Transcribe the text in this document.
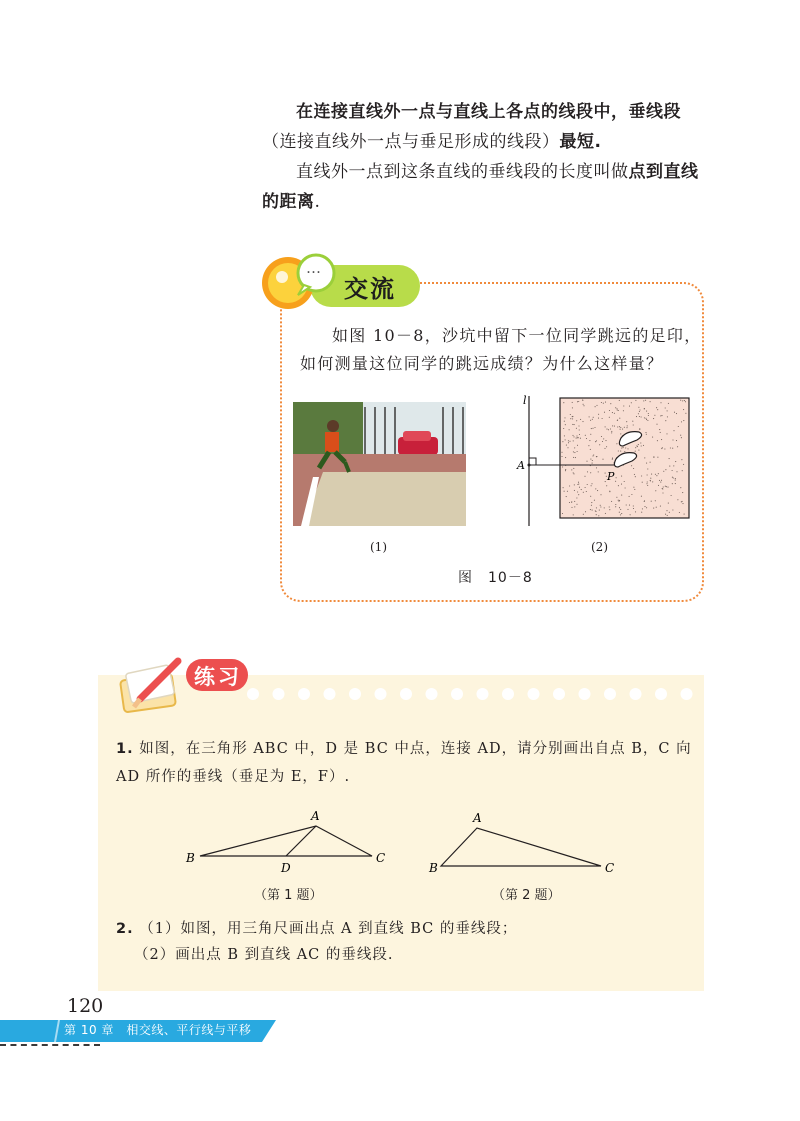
在连接直线外一点与直线上各点的线段中，垂线段（连接直线外一点与垂足形成的线段）最短.
直线外一点到这条直线的垂线段的长度叫做点到直线的距离.
…
交流
如图 10－8，沙坑中留下一位同学跳远的足印，如何测量这位同学的跳远成绩？为什么这样量？
l
A
P
(1)	(2)
图　10－8
练习
1. 如图，在三角形 ABC 中，D 是 BC 中点，连接 AD，请分别画出自点 B，C 向 AD 所作的垂线（垂足为 E，F）.
A
B	C
D
（第 1 题）
A
B	C
（第 2 题）
2. （1）如图，用三角尺画出点 A 到直线 BC 的垂线段；
（2）画出点 B 到直线 AC 的垂线段.
120
第 10 章　相交线、平行线与平移
